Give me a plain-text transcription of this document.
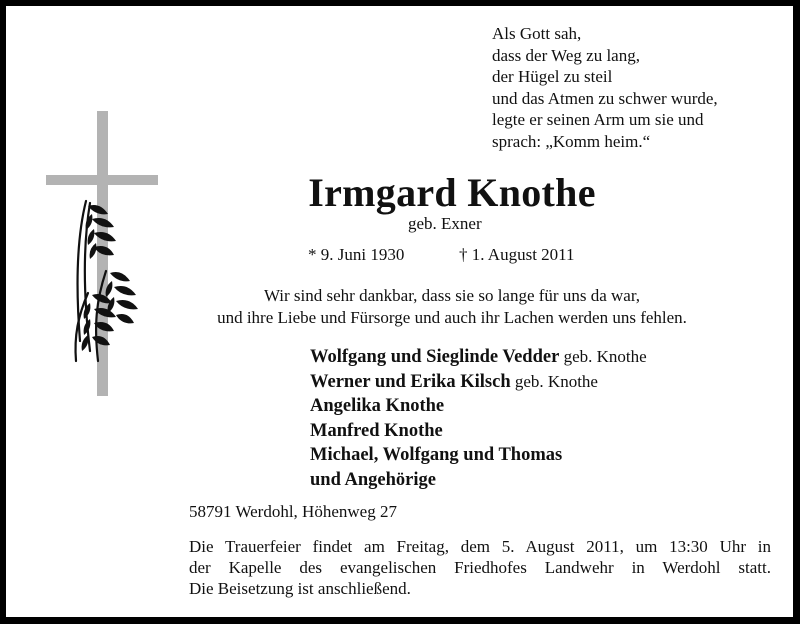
Als Gott sah,
dass der Weg zu lang,
der Hügel zu steil
und das Atmen zu schwer wurde,
legte er seinen Arm um sie und
sprach: „Komm heim.“
Irmgard Knothe
geb. Exner
* 9. Juni 1930	† 1. August 2011
Wir sind sehr dankbar, dass sie so lange für uns da war,
und ihre Liebe und Fürsorge und auch ihr Lachen werden uns fehlen.
Wolfgang und Sieglinde Vedder geb. Knothe
Werner und Erika Kilsch geb. Knothe
Angelika Knothe
Manfred Knothe
Michael, Wolfgang und Thomas
und Angehörige
58791 Werdohl, Höhenweg 27
Die Trauerfeier findet am Freitag, dem 5. August 2011, um 13:30 Uhr in
der Kapelle des evangelischen Friedhofes Landwehr in Werdohl statt.
Die Beisetzung ist anschließend.
